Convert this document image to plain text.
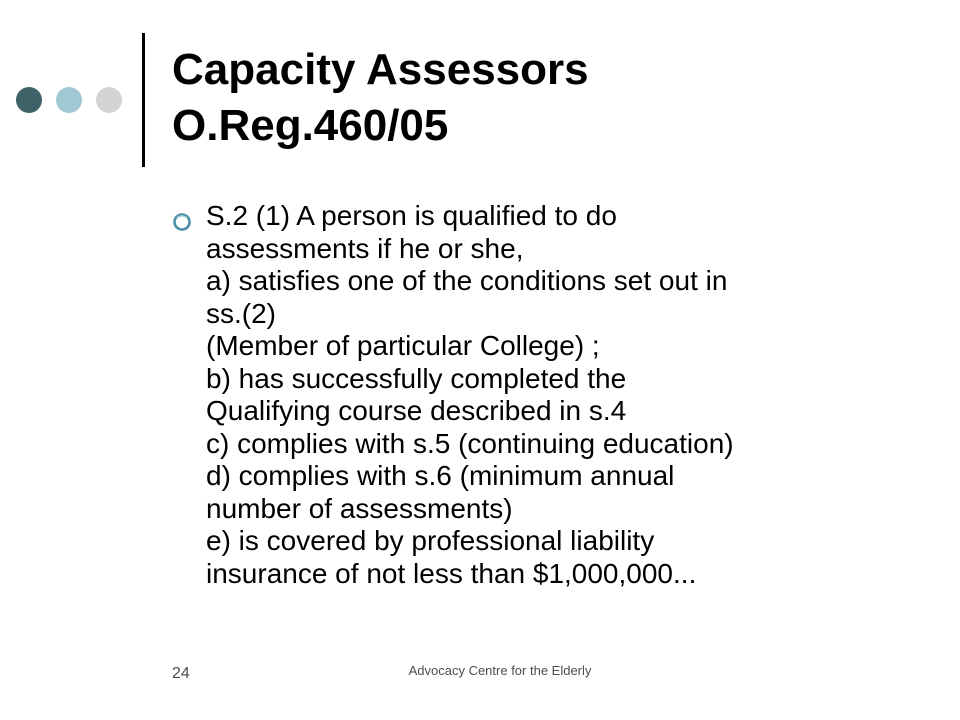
Capacity Assessors
O.Reg.460/05
S.2 (1) A person is qualified to do
assessments if he or she,
a) satisfies one of the conditions set out in
ss.(2)
(Member of particular College) ;
b) has successfully completed the
Qualifying course described in s.4
c) complies with s.5 (continuing education)
d) complies with s.6 (minimum annual
number of assessments)
e) is covered by professional liability
insurance of not less than $1,000,000...
24	Advocacy Centre for the Elderly
